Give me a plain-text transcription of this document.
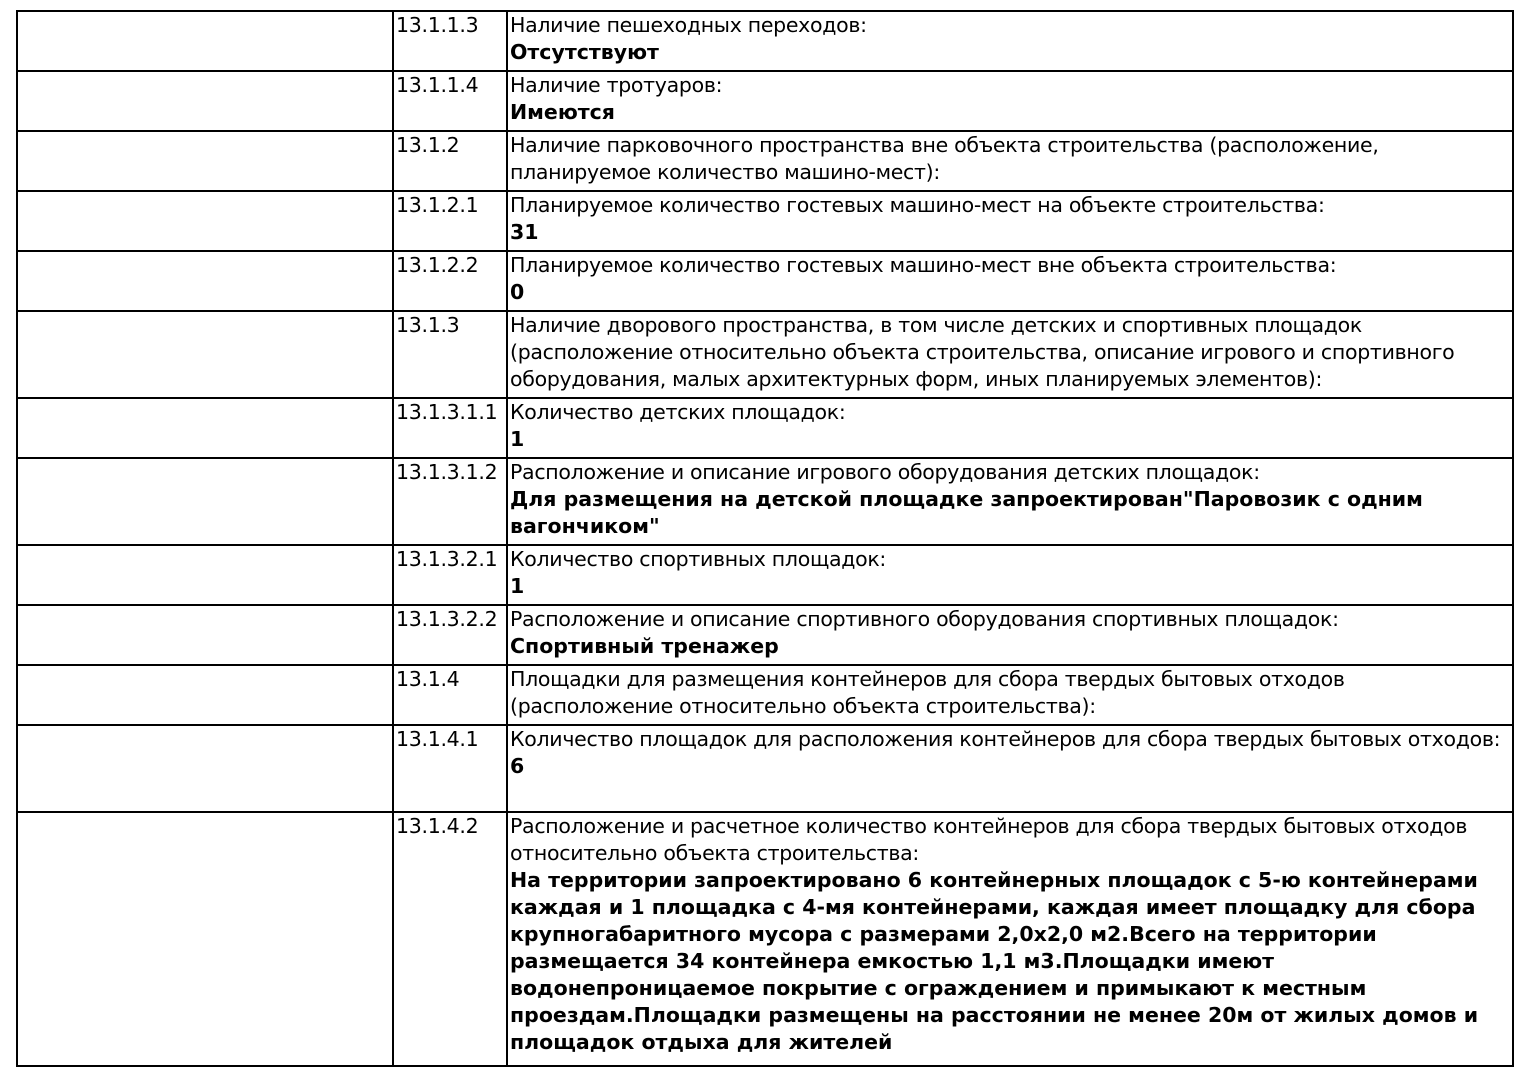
	13.1.1.3	Наличие пешеходных переходов:
Отсутствуют

	13.1.1.4	Наличие тротуаров:
Имеются

	13.1.2	Наличие парковочного пространства вне объекта строительства (расположение, планируемое количество машино-мест):

	13.1.2.1	Планируемое количество гостевых машино-мест на объекте строительства:
31

	13.1.2.2	Планируемое количество гостевых машино-мест вне объекта строительства:
0

	13.1.3	Наличие дворового пространства, в том числе детских и спортивных площадок (расположение относительно объекта строительства, описание игрового и спортивного оборудования, малых архитектурных форм, иных планируемых элементов):

	13.1.3.1.1	Количество детских площадок:
1

	13.1.3.1.2	Расположение и описание игрового оборудования детских площадок:
Для размещения на детской площадке запроектирован"Паровозик с одним вагончиком"

	13.1.3.2.1	Количество спортивных площадок:
1

	13.1.3.2.2	Расположение и описание спортивного оборудования спортивных площадок:
Спортивный тренажер

	13.1.4	Площадки для размещения контейнеров для сбора твердых бытовых отходов (расположение относительно объекта строительства):

	13.1.4.1	Количество площадок для расположения контейнеров для сбора твердых бытовых отходов:
6

	13.1.4.2	Расположение и расчетное количество контейнеров для сбора твердых бытовых отходов относительно объекта строительства:
На территории запроектировано 6 контейнерных площадок с 5-ю контейнерами каждая и 1 площадка с 4-мя контейнерами, каждая имеет площадку для сбора крупногабаритного мусора с размерами 2,0х2,0 м2.Всего на территории размещается 34 контейнера емкостью 1,1 м3.Площадки имеют водонепроницаемое покрытие с ограждением и примыкают к местным проездам.Площадки размещены на расстоянии не менее 20м от жилых домов и площадок отдыха для жителей
